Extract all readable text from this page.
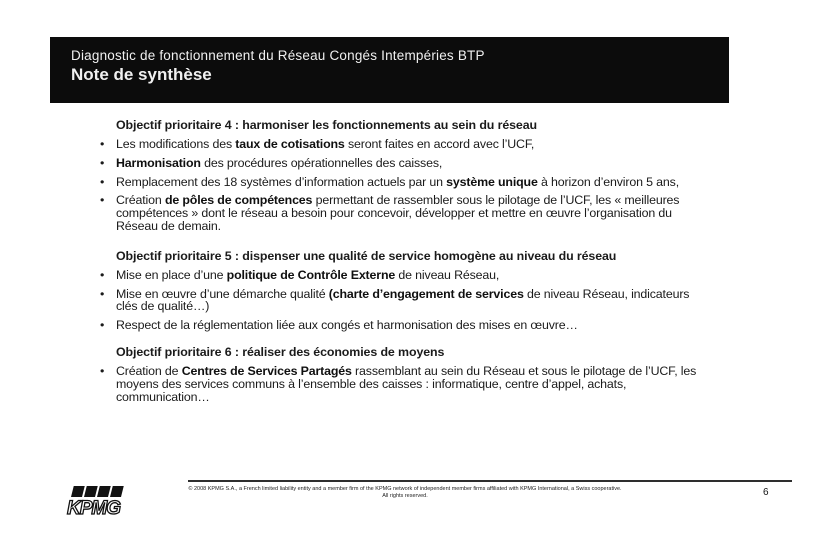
Diagnostic de fonctionnement du Réseau Congés Intempéries BTP
Note de synthèse
Objectif prioritaire 4 : harmoniser les fonctionnements au sein du réseau
• Les modifications des taux de cotisations seront faites en accord avec l’UCF,
• Harmonisation des procédures opérationnelles des caisses,
• Remplacement des 18 systèmes d’information actuels par un système unique à horizon d’environ 5 ans,
• Création de pôles de compétences permettant de rassembler sous le pilotage de l’UCF, les « meilleures compétences » dont le réseau a besoin pour concevoir, développer et mettre en œuvre l’organisation du Réseau de demain.
Objectif prioritaire 5 : dispenser une qualité de service homogène au niveau du réseau
• Mise en place d’une politique de Contrôle Externe de niveau Réseau,
• Mise en œuvre d’une démarche qualité (charte d’engagement de services de niveau Réseau, indicateurs clés de qualité…)
• Respect de la réglementation liée aux congés et harmonisation des mises en œuvre…
Objectif prioritaire 6 : réaliser des économies de moyens
• Création de Centres de Services Partagés rassemblant au sein du Réseau et sous le pilotage de l’UCF, les moyens des services communs à l’ensemble des caisses : informatique, centre d’appel, achats, communication…
KPMG
© 2008 KPMG S.A., a French limited liability entity and a member firm of the KPMG network of independent member firms affiliated with KPMG International, a Swiss cooperative.
All rights reserved.	6
